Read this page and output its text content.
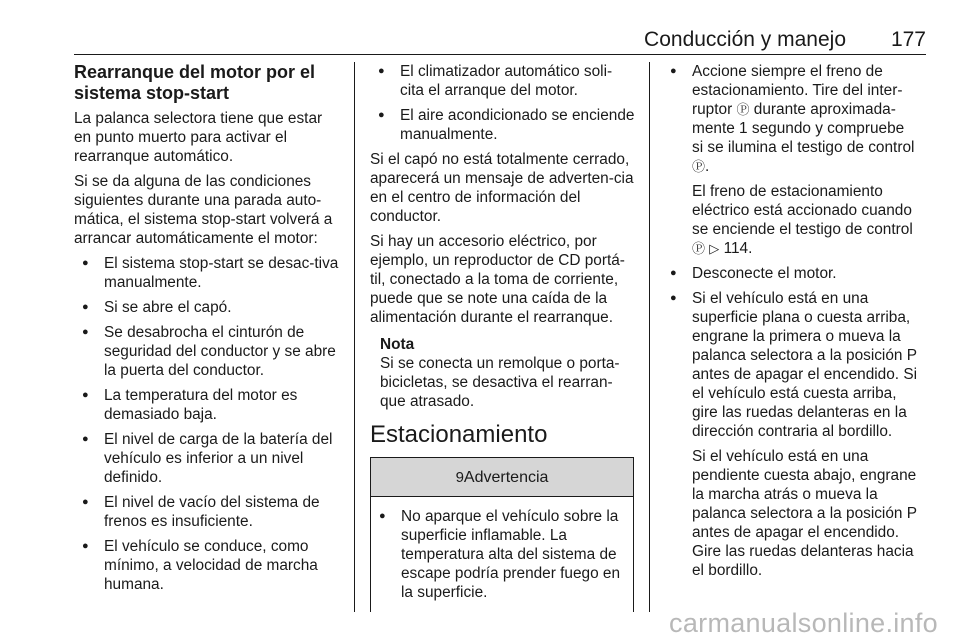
Conducción y manejo 177
Rearranque del motor por el sistema stop-start

La palanca selectora tiene que estar en punto muerto para activar el rearranque automático.

Si se da alguna de las condiciones siguientes durante una parada auto-mática, el sistema stop-start volverá a arrancar automáticamente el motor:

● El sistema stop-start se desac-tiva manualmente.
● Si se abre el capó.
● Se desabrocha el cinturón de seguridad del conductor y se abre la puerta del conductor.
● La temperatura del motor es demasiado baja.
● El nivel de carga de la batería del vehículo es inferior a un nivel definido.
● El nivel de vacío del sistema de frenos es insuficiente.
● El vehículo se conduce, como mínimo, a velocidad de marcha humana.
● El climatizador automático soli-cita el arranque del motor.
● El aire acondicionado se enciende manualmente.

Si el capó no está totalmente cerrado, aparecerá un mensaje de adverten-cia en el centro de información del conductor.

Si hay un accesorio eléctrico, por ejemplo, un reproductor de CD portá-til, conectado a la toma de corriente, puede que se note una caída de la alimentación durante el rearranque.

Nota
Si se conecta un remolque o porta-bicicletas, se desactiva el rearran-que atrasado.
Estacionamiento
9 Advertencia
● No aparque el vehículo sobre la superficie inflamable. La temperatura alta del sistema de escape podría prender fuego en la superficie.
● Accione siempre el freno de estacionamiento. Tire del inter-ruptor Ⓟ durante aproximada-mente 1 segundo y compruebe si se ilumina el testigo de control Ⓟ.
El freno de estacionamiento eléctrico está accionado cuando se enciende el testigo de control Ⓟ ▷ 114.
● Desconecte el motor.
● Si el vehículo está en una superficie plana o cuesta arriba, engrane la primera o mueva la palanca selectora a la posición P antes de apagar el encendido. Si el vehículo está cuesta arriba, gire las ruedas delanteras en la dirección contraria al bordillo.
Si el vehículo está en una pendiente cuesta abajo, engrane la marcha atrás o mueva la palanca selectora a la posición P antes de apagar el encendido. Gire las ruedas delanteras hacia el bordillo.
carmanualsonline.info
